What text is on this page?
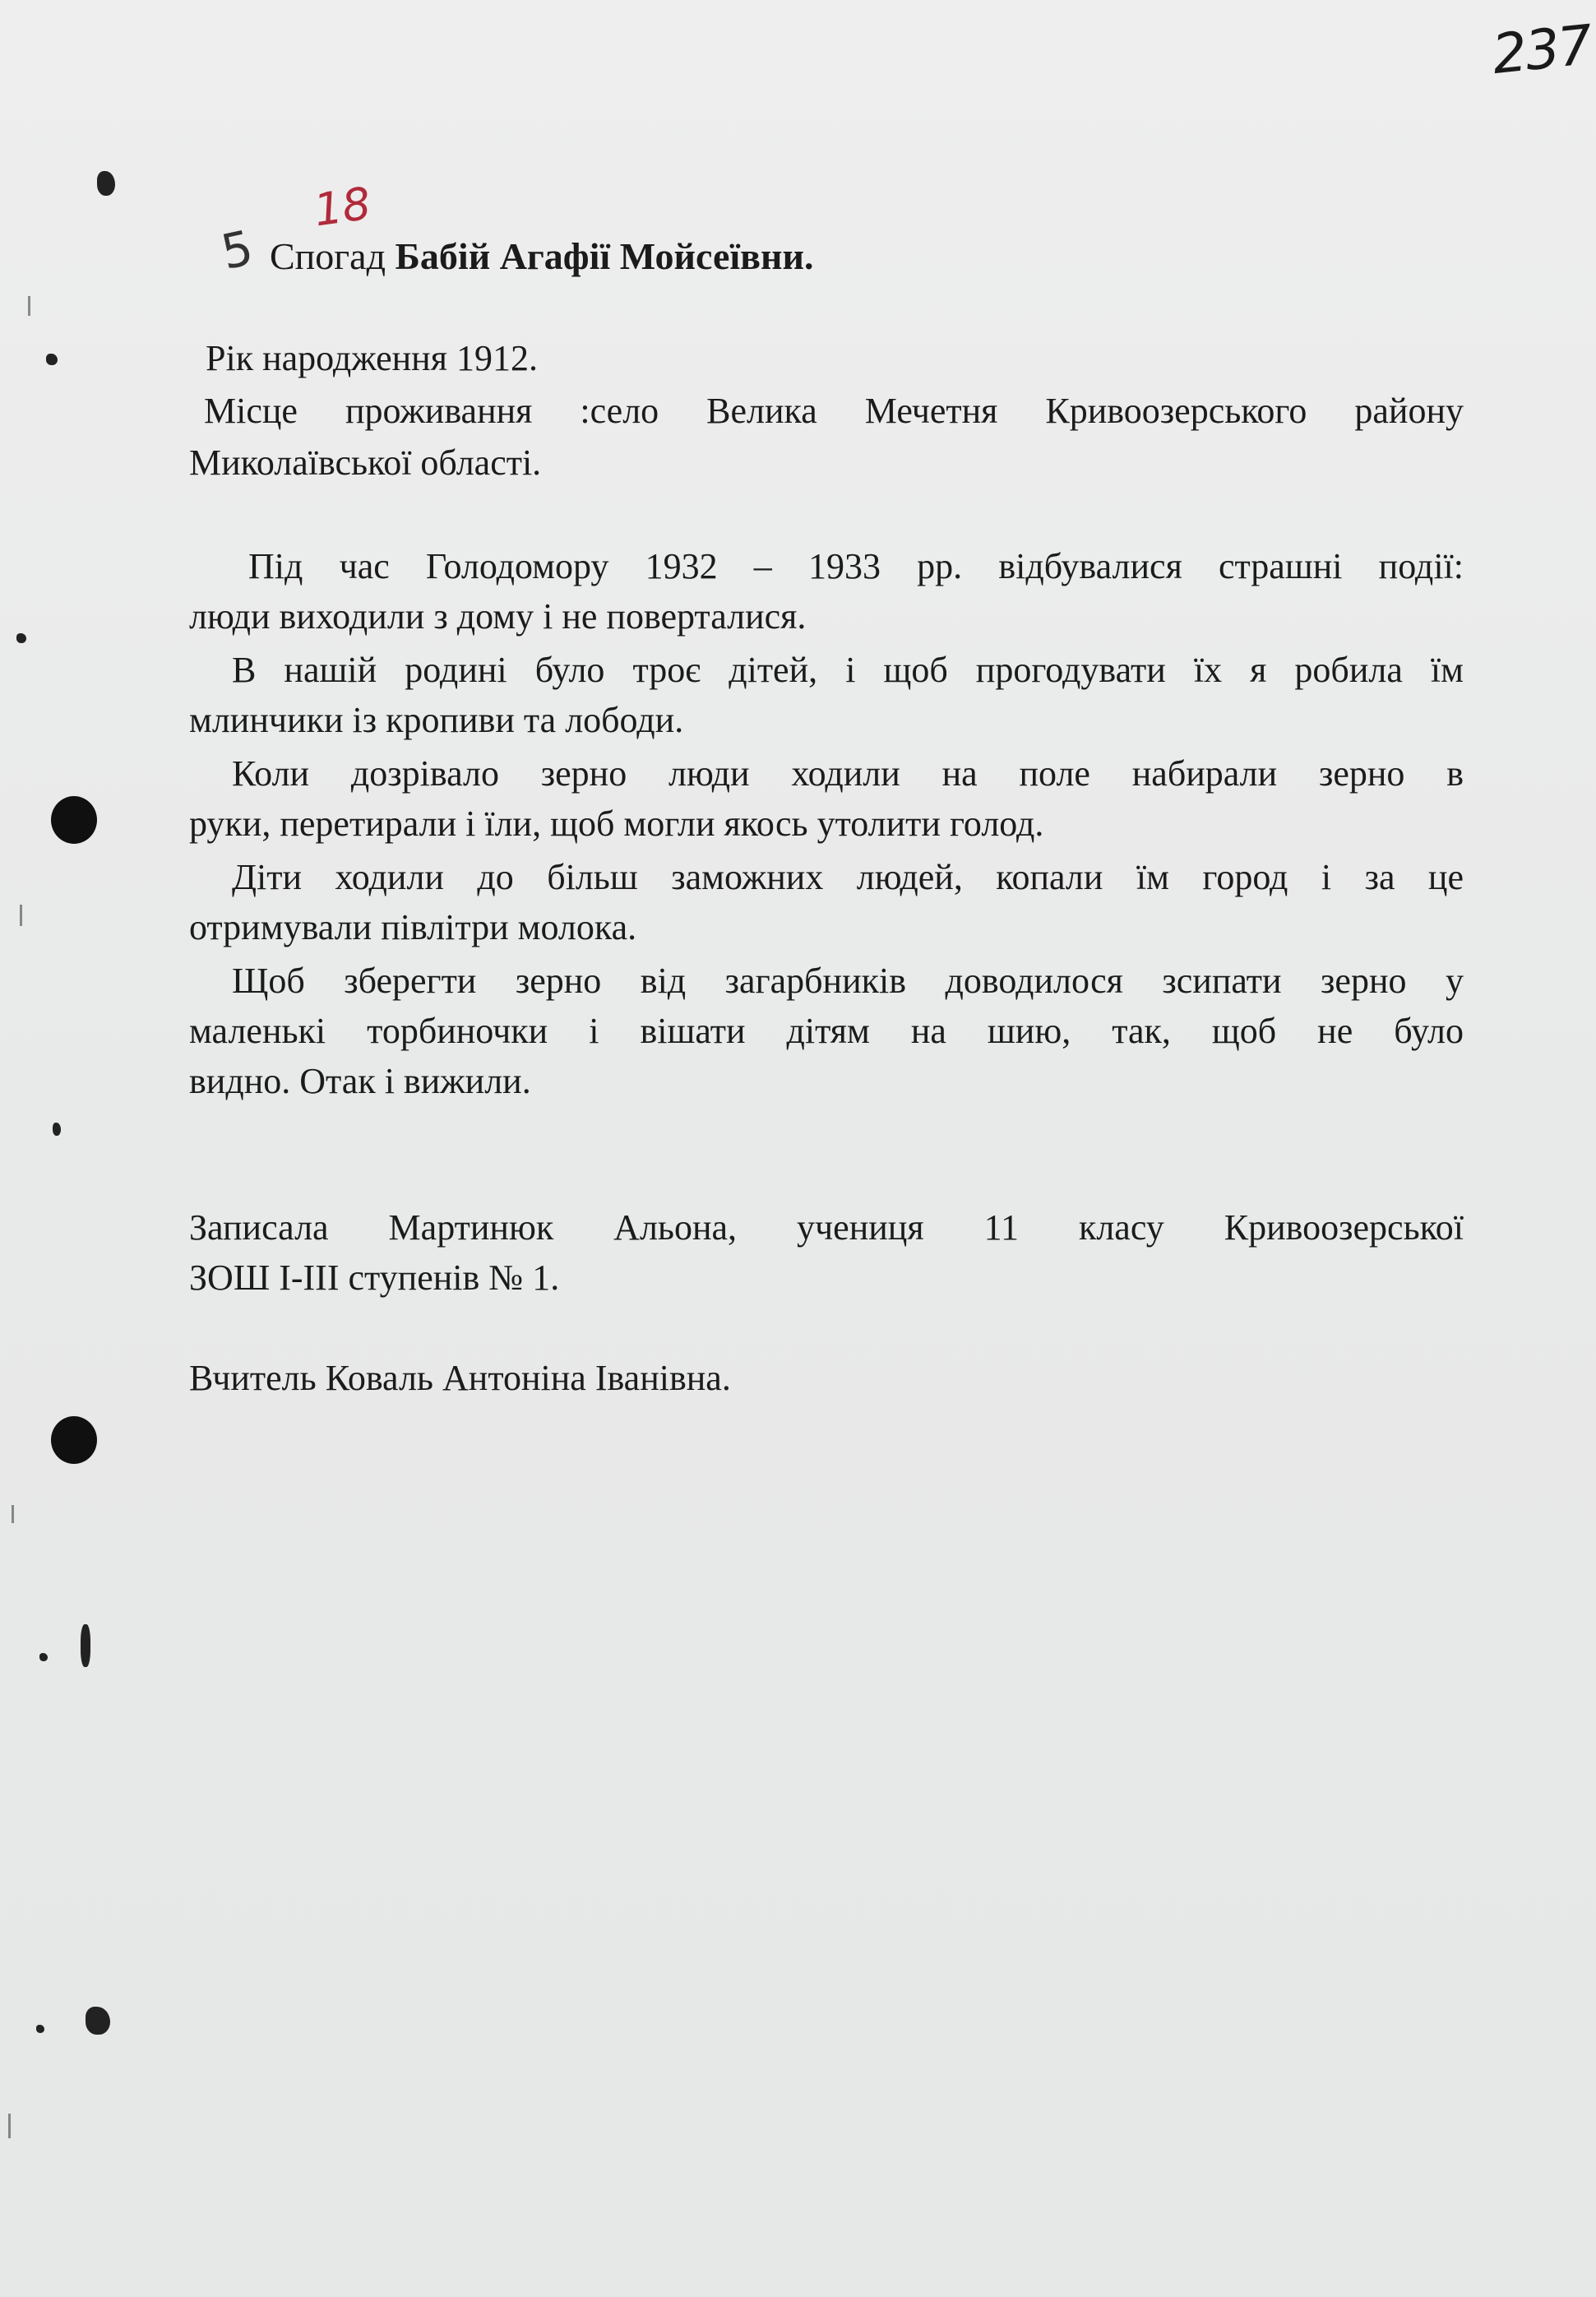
237
18
5 Спогад Бабій Агафії Мойсеївни.
Рік народження 1912.
Місце проживання :село Велика Мечетня Кривоозерського району
Миколаївської області.
Під час Голодомору 1932 – 1933 рр. відбувалися страшні події:
люди виходили з дому і не поверталися.
В нашій родині було троє дітей, і щоб прогодувати їх я робила їм
млинчики із кропиви та лободи.
Коли дозрівало зерно люди ходили на поле набирали зерно в
руки, перетирали і їли, щоб могли якось утолити голод.
Діти ходили до більш заможних людей, копали їм город і за це
отримували півлітри молока.
Щоб зберегти зерно від загарбників доводилося зсипати зерно у
маленькі торбиночки і вішати дітям на шию, так, щоб не було
видно. Отак і вижили.
Записала Мартинюк Альона, учениця 11 класу Кривоозерської
ЗОШ І-ІІІ ступенів № 1.
Вчитель Коваль Антоніна Іванівна.
